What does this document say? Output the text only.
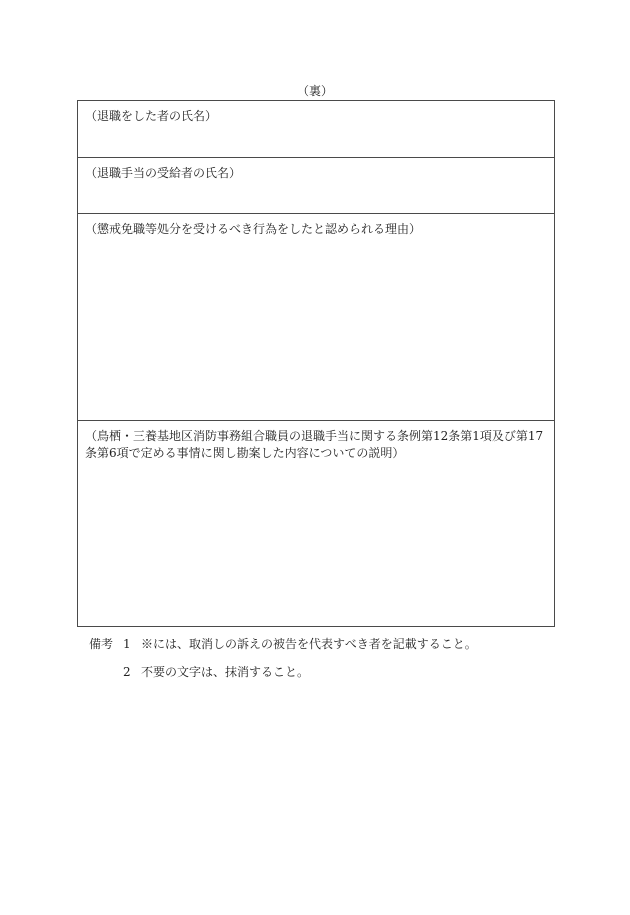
（裏）
（退職をした者の氏名）
（退職手当の受給者の氏名）
（懲戒免職等処分を受けるべき行為をしたと認められる理由）
（鳥栖・三養基地区消防事務組合職員の退職手当に関する条例第12条第1項及び第17条第6項で定める事情に関し勘案した内容についての説明）
備考 1 ※には、取消しの訴えの被告を代表すべき者を記載すること。
2 不要の文字は、抹消すること。
